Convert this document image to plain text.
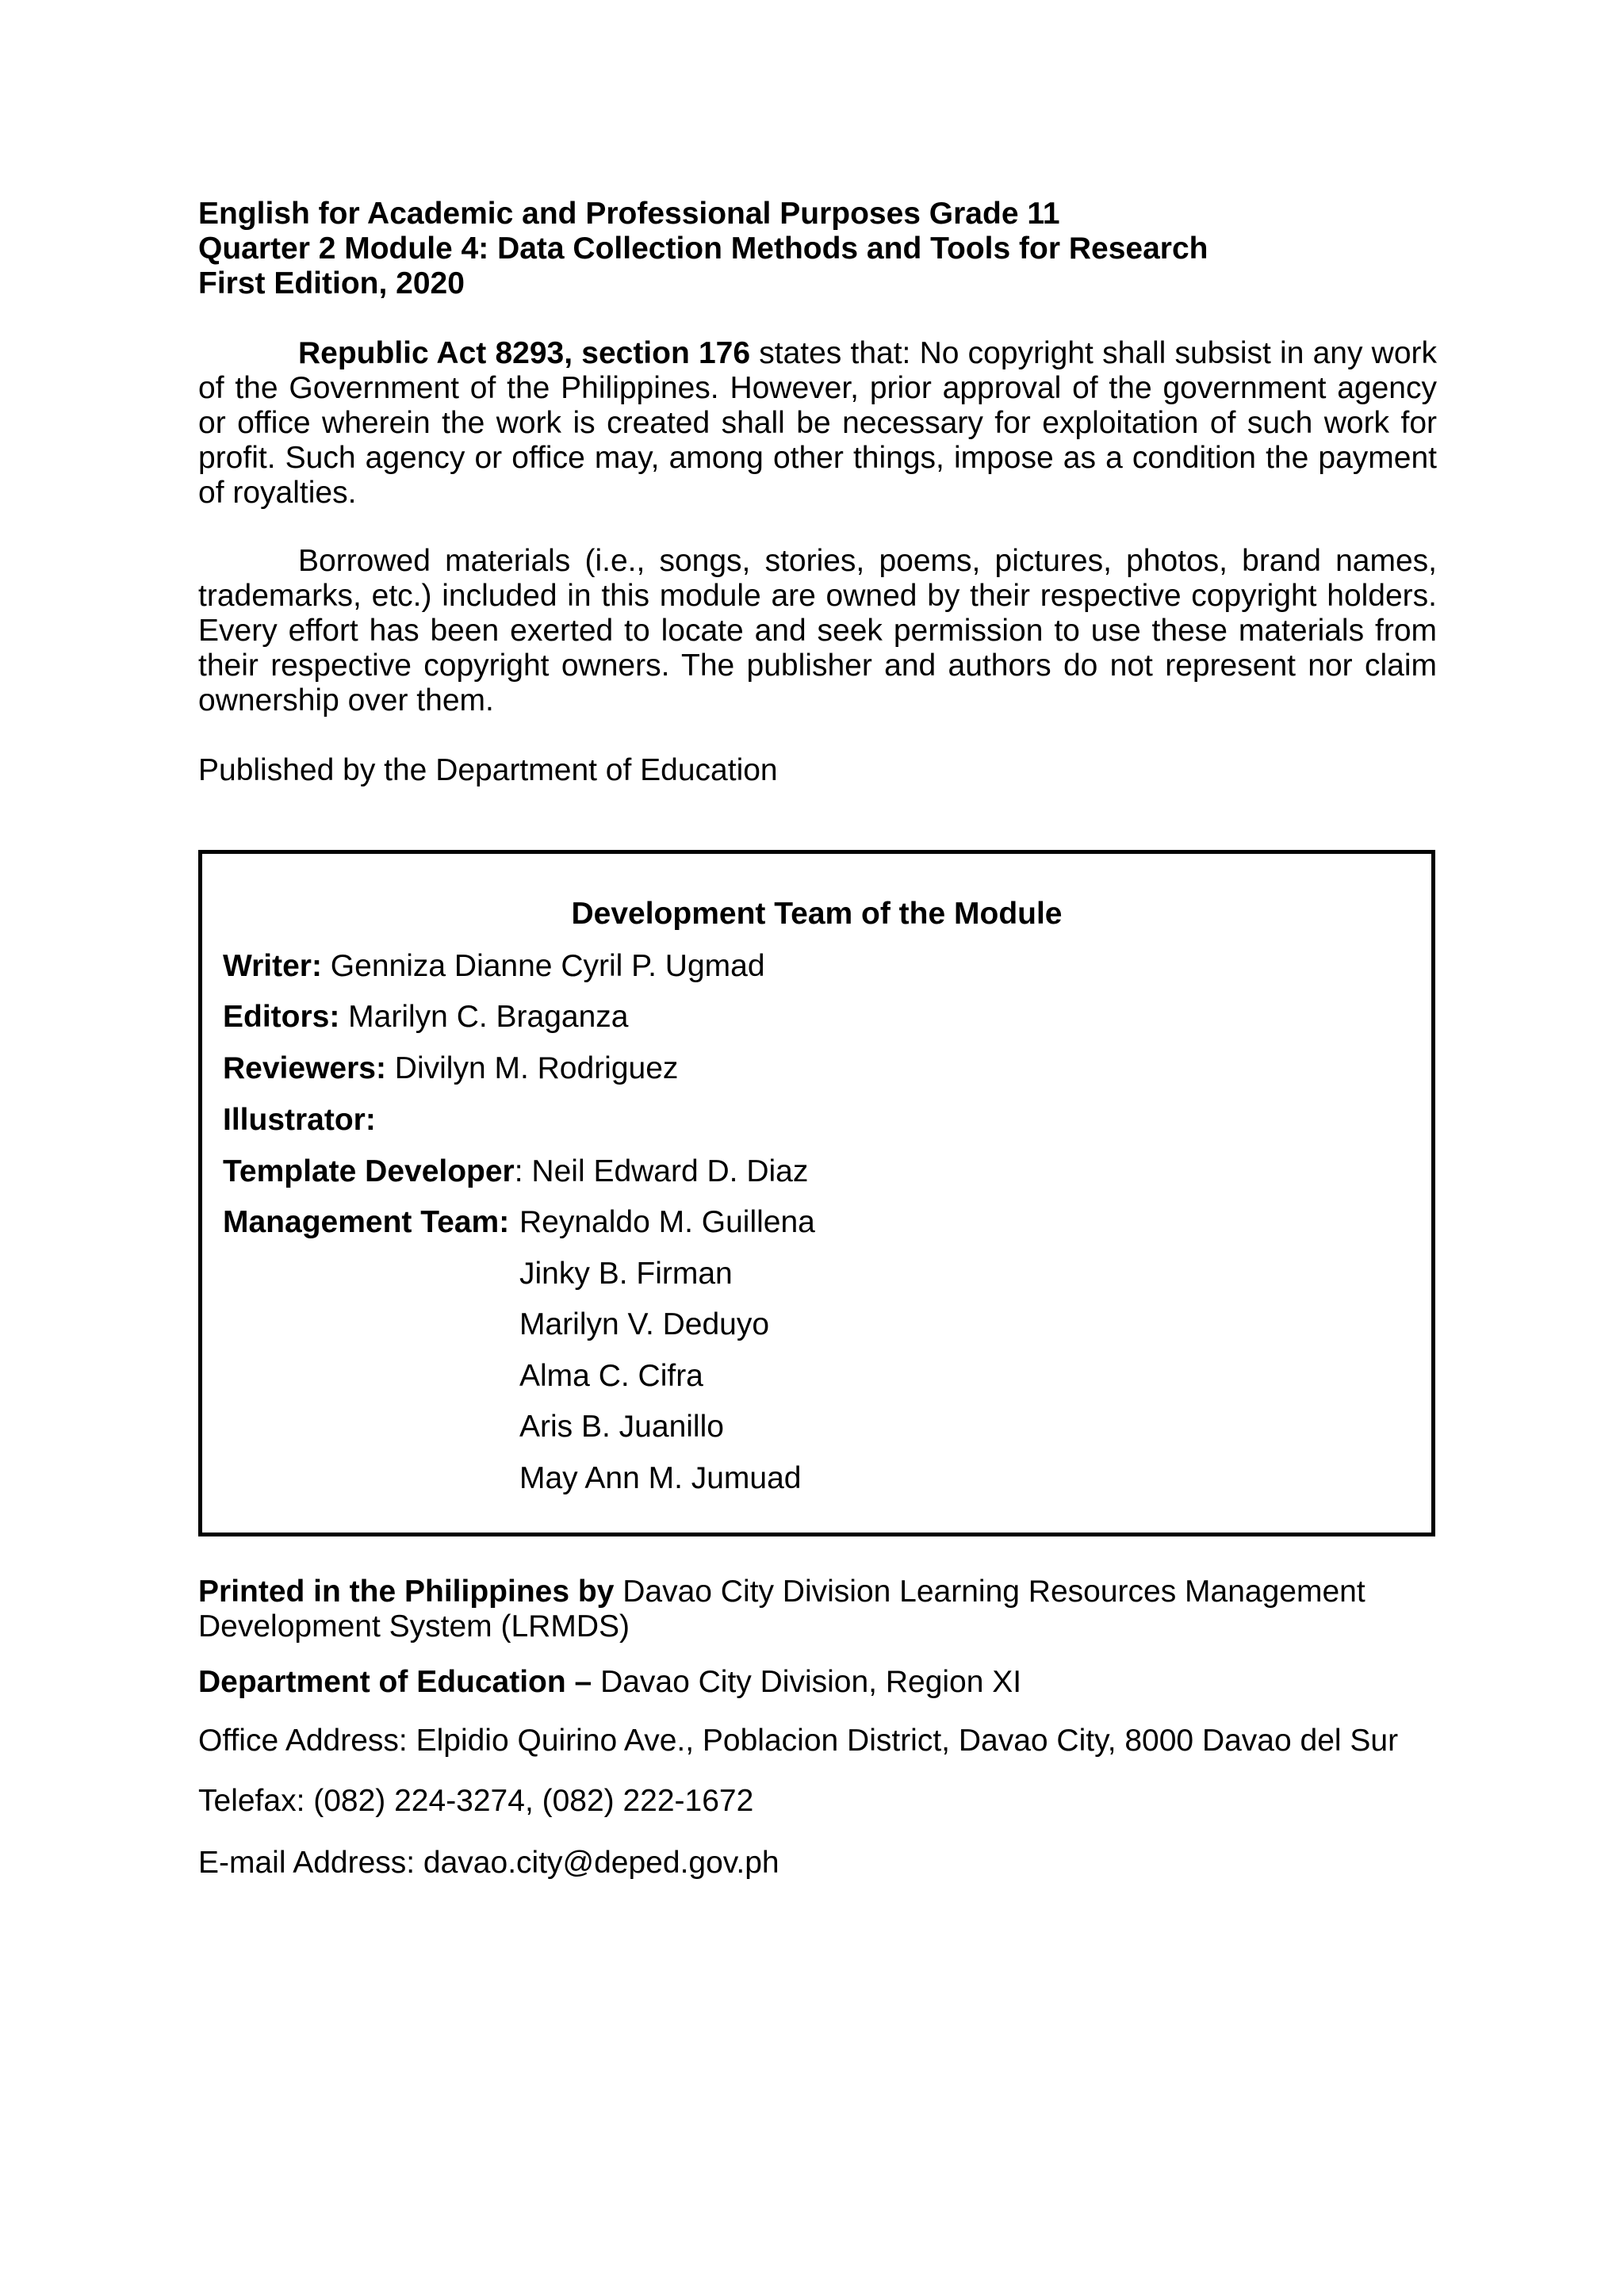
English for Academic and Professional Purposes Grade 11
Quarter 2 Module 4: Data Collection Methods and Tools for Research
First Edition, 2020
Republic Act 8293, section 176 states that: No copyright shall subsist in any work of the Government of the Philippines. However, prior approval of the government agency or office wherein the work is created shall be necessary for exploitation of such work for profit. Such agency or office may, among other things, impose as a condition the payment of royalties.
Borrowed materials (i.e., songs, stories, poems, pictures, photos, brand names, trademarks, etc.) included in this module are owned by their respective copyright holders. Every effort has been exerted to locate and seek permission to use these materials from their respective copyright owners. The publisher and authors do not represent nor claim ownership over them.
Published by the Department of Education
Development Team of the Module
Writer: Genniza Dianne Cyril P. Ugmad
Editors: Marilyn C. Braganza
Reviewers: Divilyn M. Rodriguez
Illustrator:
Template Developer: Neil Edward D. Diaz
Management Team: Reynaldo M. Guillena
Jinky B. Firman
Marilyn V. Deduyo
Alma C. Cifra
Aris B. Juanillo
May Ann M. Jumuad
Printed in the Philippines by Davao City Division Learning Resources Management Development System (LRMDS)
Department of Education – Davao City Division, Region XI
Office Address: Elpidio Quirino Ave., Poblacion District, Davao City, 8000 Davao del Sur
Telefax: (082) 224-3274, (082) 222-1672
E-mail Address: davao.city@deped.gov.ph
